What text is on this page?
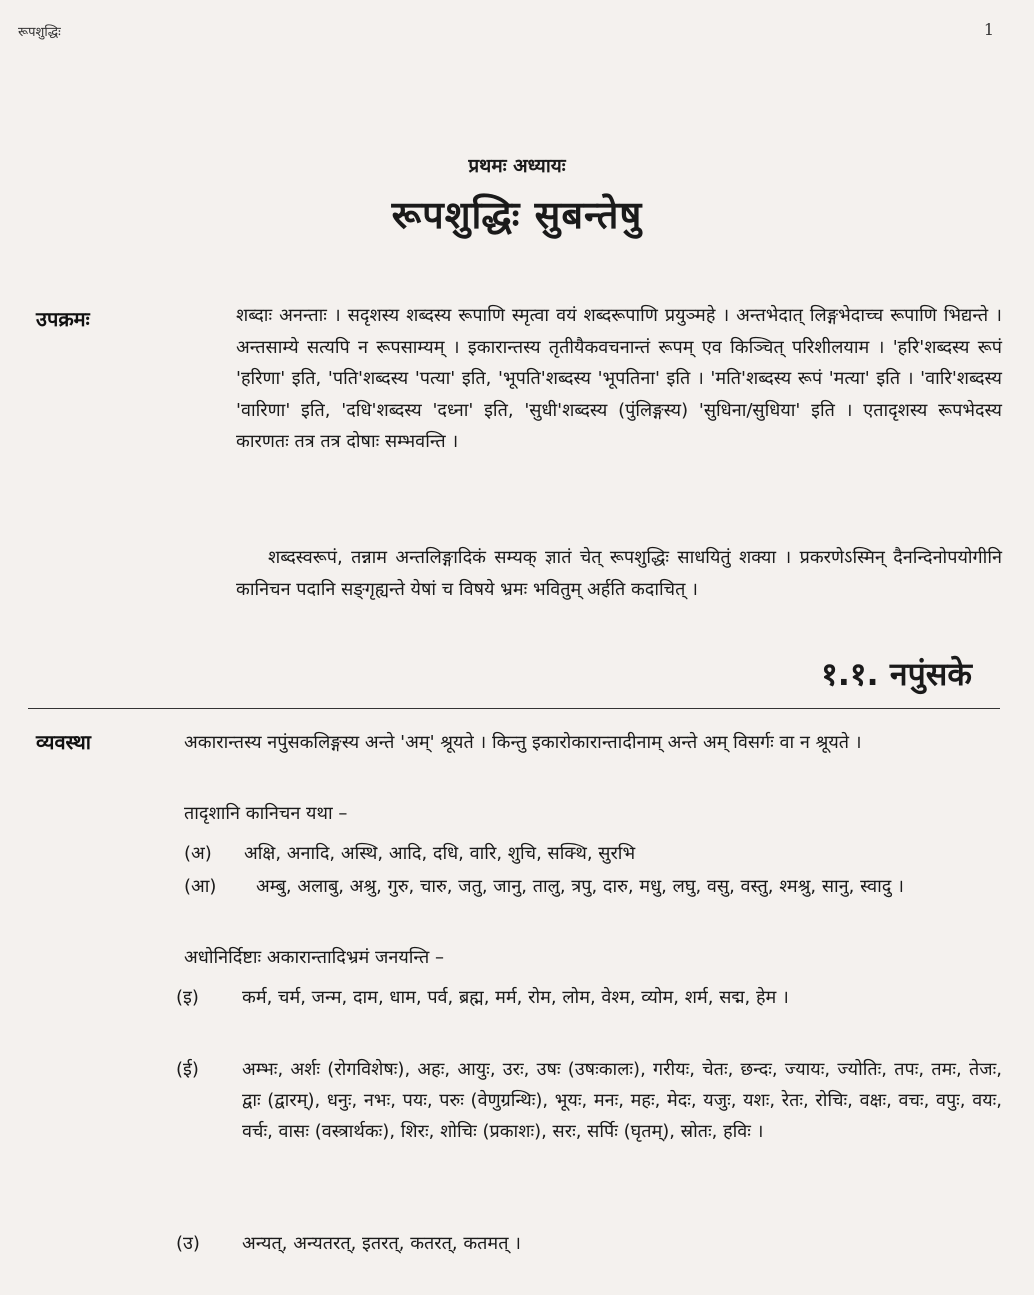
रूपशुद्धिः	1
प्रथमः अध्यायः
रूपशुद्धिः सुबन्तेषु
उपक्रमः	शब्दाः अनन्ताः । सदृशस्य शब्दस्य रूपाणि स्मृत्वा वयं शब्दरूपाणि प्रयुञ्महे । अन्तभेदात् लिङ्गभेदाच्च रूपाणि भिद्यन्ते । अन्तसाम्ये सत्यपि न रूपसाम्यम् । इकारान्तस्य तृतीयैकवचनान्तं रूपम् एव किञ्चित् परिशीलयाम । 'हरि'शब्दस्य रूपं 'हरिणा' इति, 'पति'शब्दस्य 'पत्या' इति, 'भूपति'शब्दस्य 'भूपतिना' इति । 'मति'शब्दस्य रूपं 'मत्या' इति । 'वारि'शब्दस्य 'वारिणा' इति, 'दधि'शब्दस्य 'दध्ना' इति, 'सुधी'शब्दस्य (पुंलिङ्गस्य) 'सुधिना/सुधिया' इति । एतादृशस्य रूपभेदस्य कारणतः तत्र तत्र दोषाः सम्भवन्ति ।
शब्दस्वरूपं, तन्नाम अन्तलिङ्गादिकं सम्यक् ज्ञातं चेत् रूपशुद्धिः साधयितुं शक्या । प्रकरणेऽस्मिन् दैनन्दिनोपयोगीनि कानिचन पदानि सङ्गृह्यन्ते येषां च विषये भ्रमः भवितुम् अर्हति कदाचित् ।
१.१. नपुंसके
व्यवस्था	अकारान्तस्य नपुंसकलिङ्गस्य अन्ते 'अम्' श्रूयते । किन्तु इकारोकारान्तादीनाम् अन्ते अम् विसर्गः वा न श्रूयते ।
तादृशानि कानिचन यथा –
(अ) अक्षि, अनादि, अस्थि, आदि, दधि, वारि, शुचि, सक्थि, सुरभि
(आ) अम्बु, अलाबु, अश्रु, गुरु, चारु, जतु, जानु, तालु, त्रपु, दारु, मधु, लघु, वसु, वस्तु, श्मश्रु, सानु, स्वादु ।
अधोनिर्दिष्टाः अकारान्तादिभ्रमं जनयन्ति –
(इ) कर्म, चर्म, जन्म, दाम, धाम, पर्व, ब्रह्म, मर्म, रोम, लोम, वेश्म, व्योम, शर्म, सद्म, हेम ।
(ई) अम्भः, अर्शः (रोगविशेषः), अहः, आयुः, उरः, उषः (उषःकालः), गरीयः, चेतः, छन्दः, ज्यायः, ज्योतिः, तपः, तमः, तेजः, द्वाः (द्वारम्), धनुः, नभः, पयः, परुः (वेणुग्रन्थिः), भूयः, मनः, महः, मेदः, यजुः, यशः, रेतः, रोचिः, वक्षः, वचः, वपुः, वयः, वर्चः, वासः (वस्त्रार्थकः), शिरः, शोचिः (प्रकाशः), सरः, सर्पिः (घृतम्), स्रोतः, हविः ।
(उ) अन्यत्, अन्यतरत्, इतरत्, कतरत्, कतमत् ।
